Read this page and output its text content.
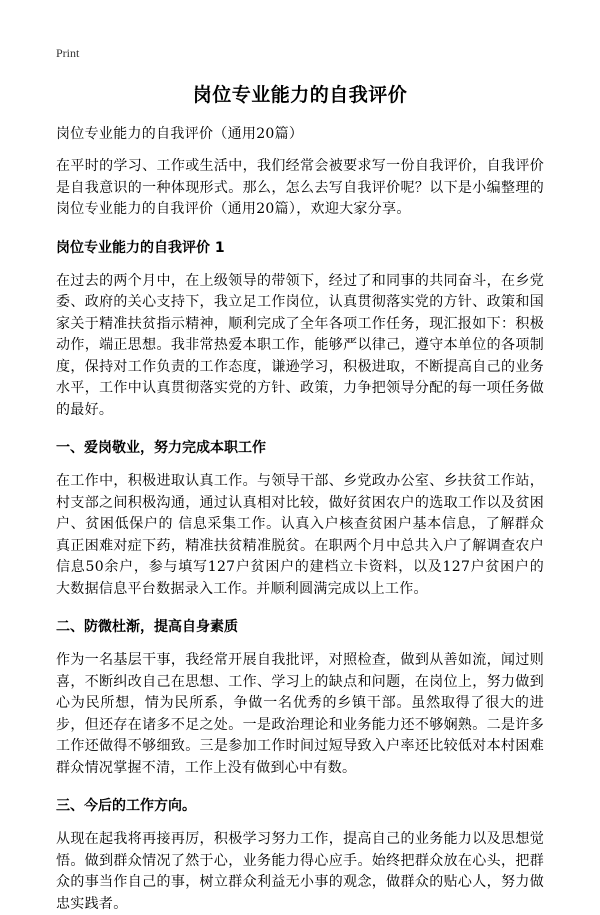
Print
岗位专业能力的自我评价
岗位专业能力的自我评价（通用20篇）

在平时的学习、工作或生活中，我们经常会被要求写一份自我评价，自我评价是自我意识的一种体现形式。那么，怎么去写自我评价呢？以下是小编整理的岗位专业能力的自我评价（通用20篇），欢迎大家分享。

岗位专业能力的自我评价 1

在过去的两个月中，在上级领导的带领下，经过了和同事的共同奋斗，在乡党委、政府的关心支持下，我立足工作岗位，认真贯彻落实党的方针、政策和国家关于精准扶贫指示精神，顺利完成了全年各项工作任务，现汇报如下：积极动作，端正思想。我非常热爱本职工作，能够严以律己，遵守本单位的各项制度，保持对工作负责的工作态度，谦逊学习，积极进取，不断提高自己的业务水平，工作中认真贯彻落实党的方针、政策，力争把领导分配的每一项任务做的最好。

一、爱岗敬业，努力完成本职工作

在工作中，积极进取认真工作。与领导干部、乡党政办公室、乡扶贫工作站，村支部之间积极沟通，通过认真相对比较，做好贫困农户的选取工作以及贫困户、贫困低保户的 信息采集工作。认真入户核查贫困户基本信息，了解群众真正困难对症下药，精准扶贫精准脱贫。在职两个月中总共入户了解调查农户信息50余户，参与填写127户贫困户的建档立卡资料，以及127户贫困户的大数据信息平台数据录入工作。并顺利圆满完成以上工作。

二、防微杜渐，提高自身素质

作为一名基层干事，我经常开展自我批评，对照检查，做到从善如流，闻过则喜，不断纠改自己在思想、工作、学习上的缺点和问题，在岗位上，努力做到心为民所想，情为民所系，争做一名优秀的乡镇干部。虽然取得了很大的进步，但还存在诸多不足之处。一是政治理论和业务能力还不够娴熟。二是许多工作还做得不够细致。三是参加工作时间过短导致入户率还比较低对本村困难群众情况掌握不清，工作上没有做到心中有数。

三、今后的工作方向。

从现在起我将再接再厉，积极学习努力工作，提高自己的业务能力以及思想觉悟。做到群众情况了然于心，业务能力得心应手。始终把群众放在心头，把群众的事当作自己的事，树立群众利益无小事的观念，做群众的贴心人，努力做忠实践者。
